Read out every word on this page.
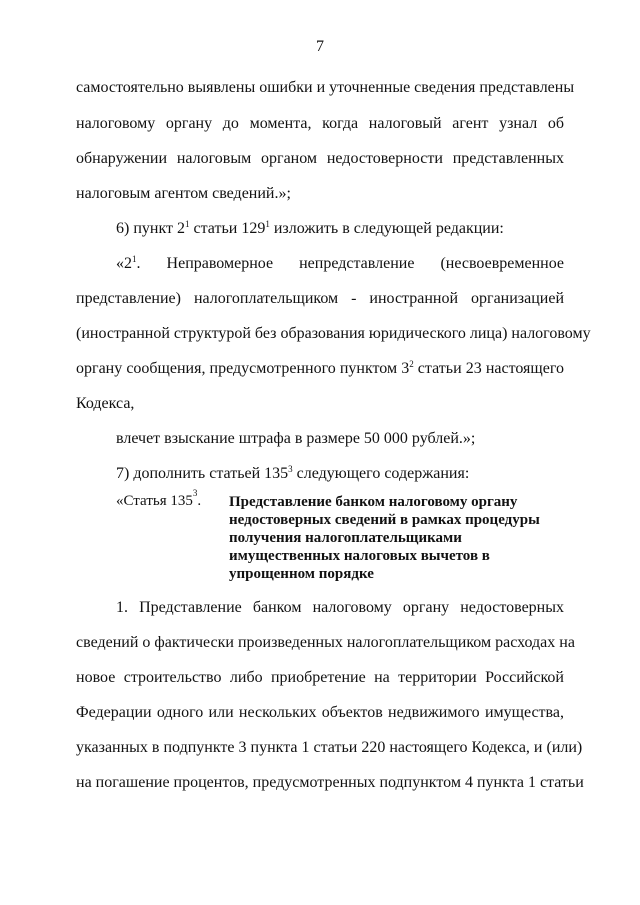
7
самостоятельно выявлены ошибки и уточненные сведения представлены
налоговому органу до момента, когда налоговый агент узнал об
обнаружении налоговым органом недостоверности представленных
налоговым агентом сведений.»;
6) пункт $2^1$ статьи $129^1$ изложить в следующей редакции:
«$2^1$. Неправомерное непредставление (несвоевременное
представление) налогоплательщиком - иностранной организацией
(иностранной структурой без образования юридического лица) налоговому
органу сообщения, предусмотренного пунктом $3^2$ статьи 23 настоящего
Кодекса,
влечет взыскание штрафа в размере 50 000 рублей.»;
7) дополнить статьей $135^3$ следующего содержания:
«Статья $135^3$. Представление банком налоговому органу недостоверных сведений в рамках процедуры получения налогоплательщиками имущественных налоговых вычетов в упрощенном порядке
1. Представление банком налоговому органу недостоверных
сведений о фактически произведенных налогоплательщиком расходах на
новое строительство либо приобретение на территории Российской
Федерации одного или нескольких объектов недвижимого имущества,
указанных в подпункте 3 пункта 1 статьи 220 настоящего Кодекса, и (или)
на погашение процентов, предусмотренных подпунктом 4 пункта 1 статьи
